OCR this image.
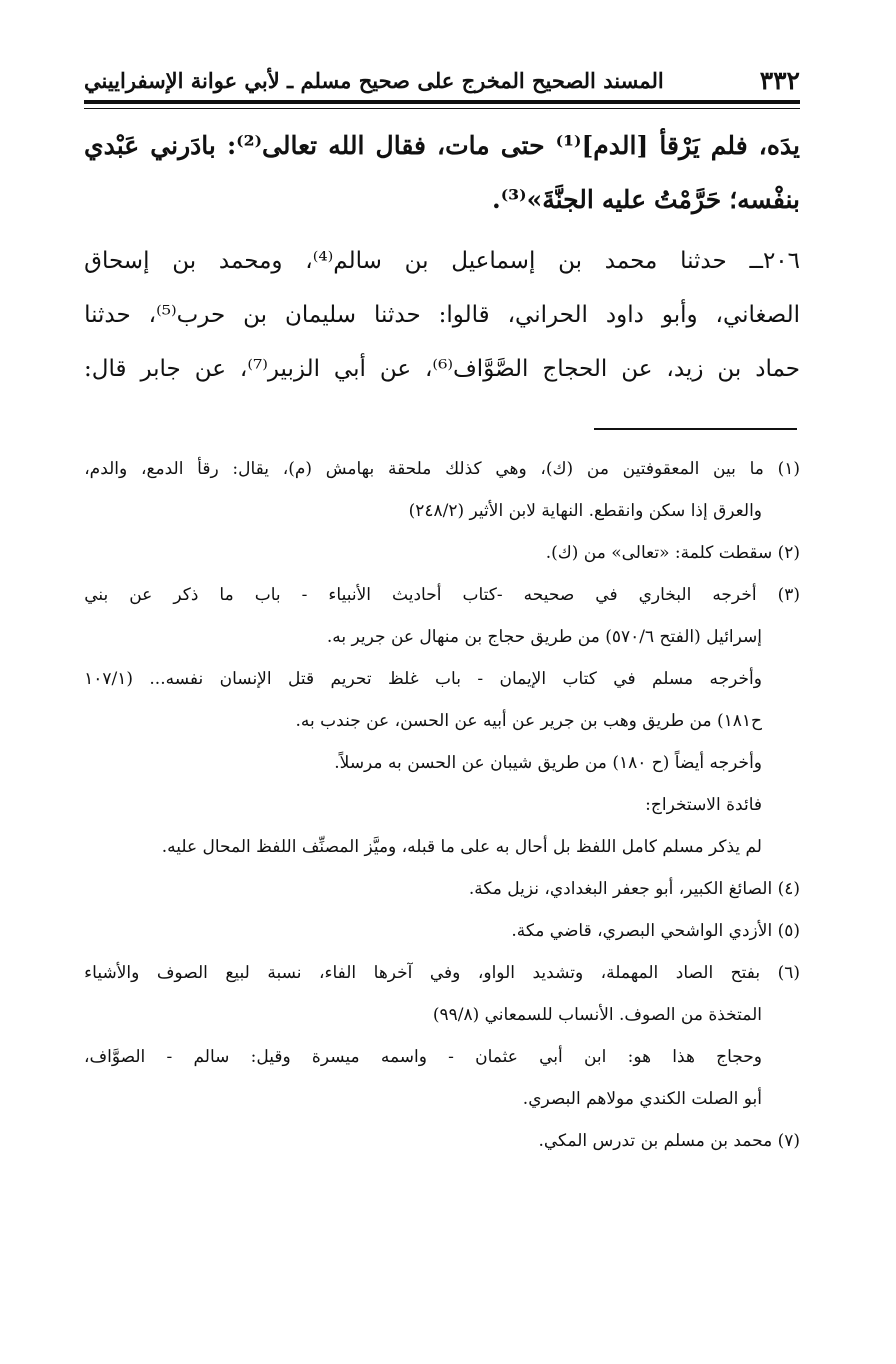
٣٣٢
المسند الصحيح المخرج على صحيح مسلم ـ لأبي عوانة الإسفراييني
يدَه،
فلم
يَرْقأ
[الدم]⁽¹⁾
حتى
مات،
فقال
الله
تعالى⁽²⁾:
بادَرني
عَبْدي
بنفْسه؛
حَرَّمْتُ
عليه
الجنَّةَ»⁽³⁾.
٢٠٦ــ
حدثنا
محمد
بن
إسماعيل
بن
سالم⁽⁴⁾،
ومحمد
بن
إسحاق
الصغاني،
وأبو
داود
الحراني،
قالوا:
حدثنا
سليمان
بن
حرب⁽⁵⁾،
حدثنا
حماد
بن
زيد،
عن
الحجاج
الصَّوَّاف⁽⁶⁾،
عن
أبي
الزبير⁽⁷⁾،
عن
جابر
قال:
(١)
ما
بين
المعقوفتين
من
(ك)،
وهي
كذلك
ملحقة
بهامش
(م)،
يقال:
رقأ
الدمع،
والدم،
والعرق إذا سكن وانقطع. النهاية لابن الأثير (٢٤٨/٢)
(٢) سقطت كلمة: «تعالى» من (ك).
(٣)
أخرجه
البخاري
في
صحيحه
-كتاب
أحاديث
الأنبياء
-
باب
ما
ذكر
عن
بني
إسرائيل (الفتح ٥٧٠/٦) من طريق حجاج بن منهال عن جرير به.
وأخرجه
مسلم
في
كتاب
الإيمان
-
باب
غلظ
تحريم
قتل
الإنسان
نفسه...
(١٠٧/١
ح١٨١) من طريق وهب بن جرير عن أبيه عن الحسن، عن جندب به.
وأخرجه أيضاً (ح ١٨٠) من طريق شيبان عن الحسن به مرسلاً.
فائدة الاستخراج:
لم يذكر مسلم كامل اللفظ بل أحال به على ما قبله، وميَّز المصنِّف اللفظ المحال عليه.
(٤) الصائغ الكبير، أبو جعفر البغدادي، نزيل مكة.
(٥) الأزدي الواشحي البصري، قاضي مكة.
(٦)
بفتح
الصاد
المهملة،
وتشديد
الواو،
وفي
آخرها
الفاء،
نسبة
لبيع
الصوف
والأشياء
المتخذة من الصوف. الأنساب للسمعاني (٩٩/٨)
وحجاج
هذا
هو:
ابن
أبي
عثمان
-
واسمه
ميسرة
وقيل:
سالم
-
الصوَّاف،
أبو الصلت الكندي مولاهم البصري.
(٧) محمد بن مسلم بن تدرس المكي.
